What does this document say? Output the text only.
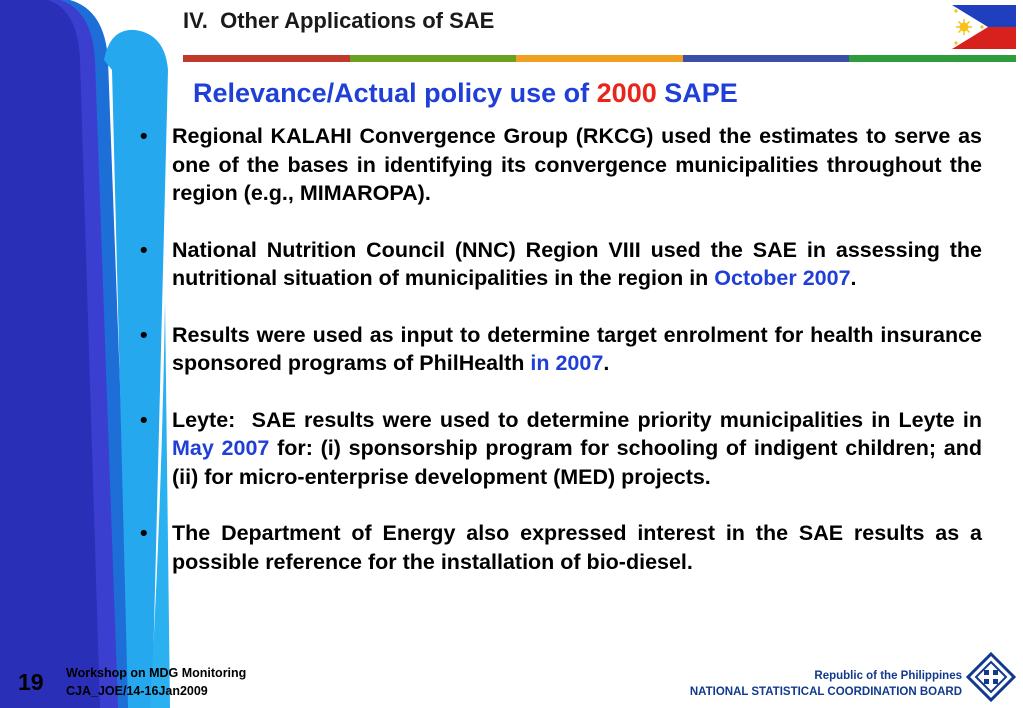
IV.  Other Applications of SAE
Relevance/Actual policy use of 2000 SAPE
• Regional KALAHI Convergence Group (RKCG) used the estimates to serve as one of the bases in identifying its convergence municipalities throughout the region (e.g., MIMAROPA).
• National Nutrition Council (NNC) Region VIII used the SAE in assessing the nutritional situation of municipalities in the region in October 2007.
• Results were used as input to determine target enrolment for health insurance sponsored programs of PhilHealth in 2007.
• Leyte:  SAE results were used to determine priority municipalities in Leyte in May 2007 for: (i) sponsorship program for schooling of indigent children; and (ii) for micro-enterprise development (MED) projects.
• The Department of Energy also expressed interest in the SAE results as a possible reference for the installation of bio-diesel.
19 Workshop on MDG Monitoring
CJA_JOE/14-16Jan2009
Republic of the Philippines
NATIONAL STATISTICAL COORDINATION BOARD
